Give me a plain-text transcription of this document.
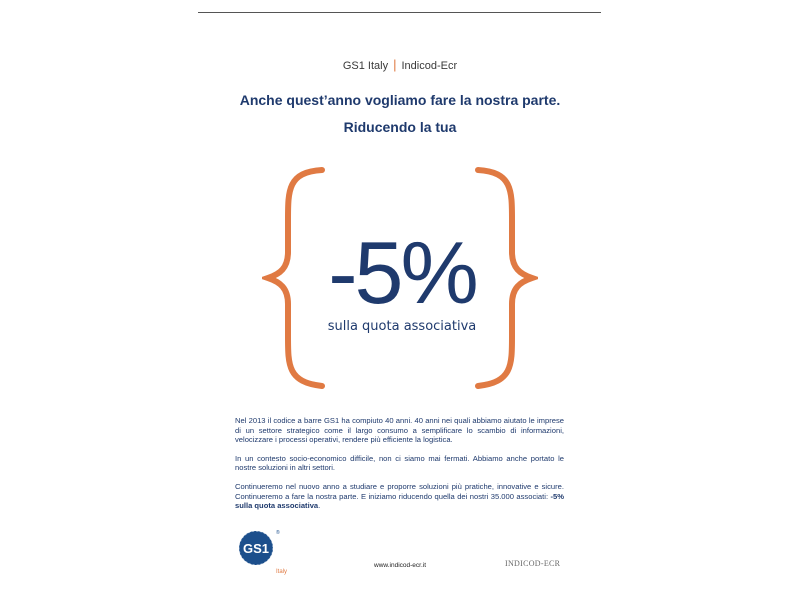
GS1 Italy | Indicod-Ecr
Anche quest’anno vogliamo fare la nostra parte.
Riducendo la tua
-5%
sulla quota associativa

Nel 2013 il codice a barre GS1 ha compiuto 40 anni. 40 anni nei quali abbiamo aiutato le imprese di un settore strategico come il largo consumo a semplificare lo scambio di informazioni, velocizzare i processi operativi, rendere più efficiente la logistica.

In un contesto socio-economico difficile, non ci siamo mai fermati. Abbiamo anche portato le nostre soluzioni in altri settori.

Continueremo nel nuovo anno a studiare e proporre soluzioni più pratiche, innovative e sicure. Continueremo a fare la nostra parte. E iniziamo riducendo quella dei nostri 35.000 associati: -5% sulla quota associativa.

GS1
®
Italy
www.indicod-ecr.it	INDICOD-ECR
